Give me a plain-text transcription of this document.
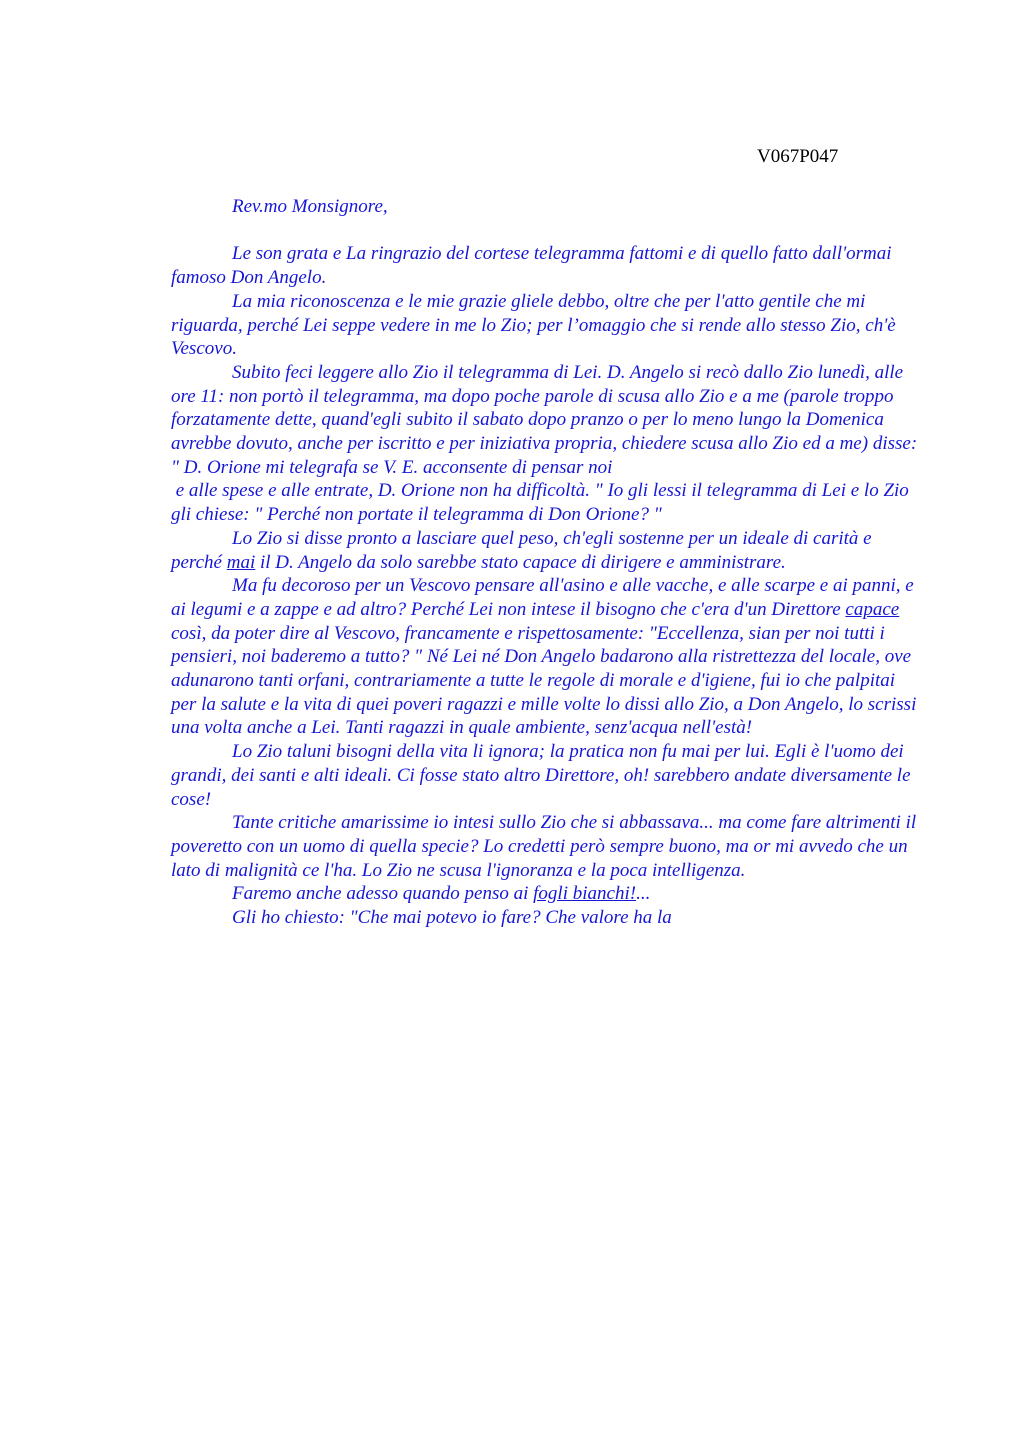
V067P047

Rev.mo Monsignore,

Le son grata e La ringrazio del cortese telegramma fattomi e di quello fatto dall'ormai famoso Don Angelo.

La mia riconoscenza e le mie grazie gliele debbo, oltre che per l'atto gentile che mi riguarda, perché Lei seppe vedere in me lo Zio; per l’omaggio che si rende allo stesso Zio, ch'è Vescovo.

Subito feci leggere allo Zio il telegramma di Lei. D. Angelo si recò dallo Zio lunedì, alle ore 11: non portò il telegramma, ma dopo poche parole di scusa allo Zio e a me (parole troppo forzatamente dette, quand'egli subito il sabato dopo pranzo o per lo meno lungo la Domenica avrebbe dovuto, anche per iscritto e per iniziativa propria, chiedere scusa allo Zio ed a me) disse: " D. Orione mi telegrafa se V. E. acconsente di pensar noi

e alle spese e alle entrate, D. Orione non ha difficoltà. " Io gli lessi il telegramma di Lei e lo Zio gli chiese: " Perché non portate il telegramma di Don Orione? "

Lo Zio si disse pronto a lasciare quel peso, ch'egli sostenne per un ideale di carità e perché mai il D. Angelo da solo sarebbe stato capace di dirigere e amministrare.

Ma fu decoroso per un Vescovo pensare all'asino e alle vacche, e alle scarpe e ai panni, e ai legumi e a zappe e ad altro? Perché Lei non intese il bisogno che c'era d'un Direttore capace così, da poter dire al Vescovo, francamente e rispettosamente: "Eccellenza, sian per noi tutti i pensieri, noi baderemo a tutto? " Né Lei né Don Angelo badarono alla ristrettezza del locale, ove adunarono tanti orfani, contrariamente a tutte le regole di morale e d'igiene, fui io che palpitai per la salute e la vita di quei poveri ragazzi e mille volte lo dissi allo Zio, a Don Angelo, lo scrissi una volta anche a Lei. Tanti ragazzi in quale ambiente, senz'acqua nell'està!

Lo Zio taluni bisogni della vita li ignora; la pratica non fu mai per lui. Egli è l'uomo dei grandi, dei santi e alti ideali. Ci fosse stato altro Direttore, oh! sarebbero andate diversamente le cose!

Tante critiche amarissime io intesi sullo Zio che si abbassava... ma come fare altrimenti il poveretto con un uomo di quella specie? Lo credetti però sempre buono, ma or mi avvedo che un lato di malignità ce l'ha. Lo Zio ne scusa l'ignoranza e la poca intelligenza.

Faremo anche adesso quando penso ai fogli bianchi!...

Gli ho chiesto: "Che mai potevo io fare? Che valore ha la
